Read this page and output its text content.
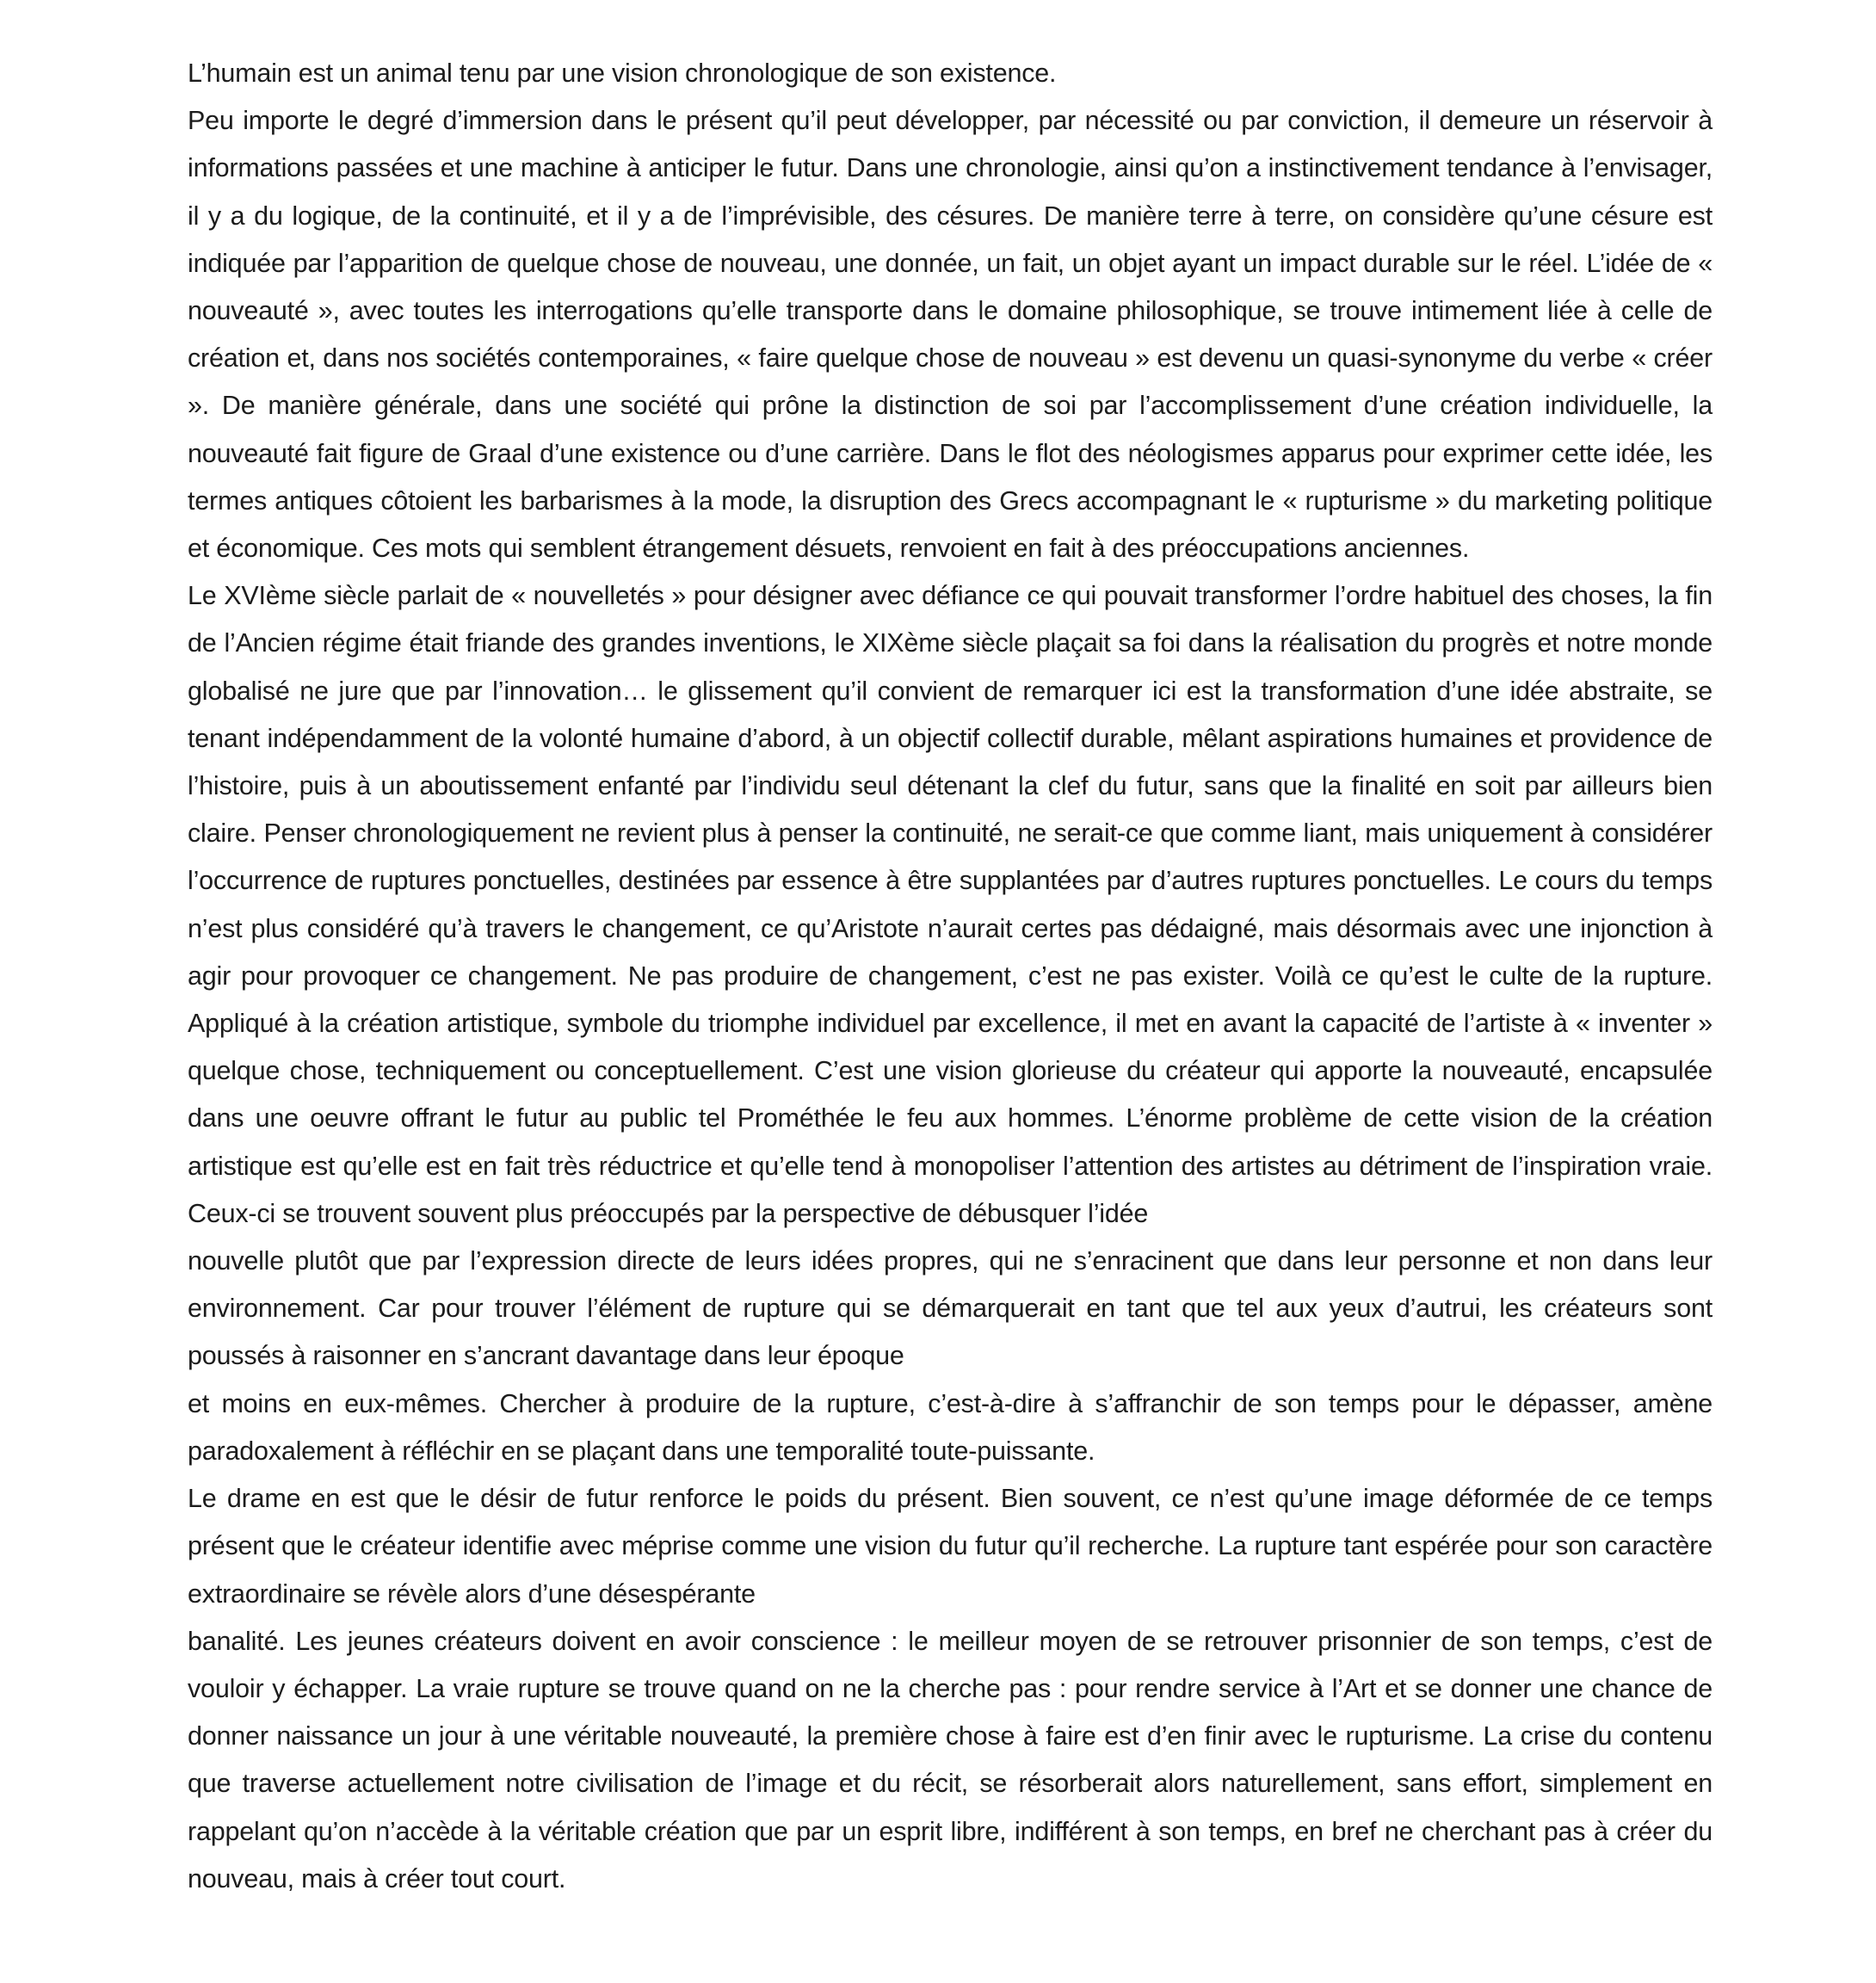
L’humain est un animal tenu par une vision chronologique de son existence.

Peu importe le degré d’immersion dans le présent qu’il peut développer, par nécessité ou par conviction, il demeure un réservoir à informations passées et une machine à anticiper le futur. Dans une chronologie, ainsi qu’on a instinctivement tendance à l’envisager, il y a du logique, de la continuité, et il y a de l’imprévisible, des césures. De manière terre à terre, on considère qu’une césure est indiquée par l’apparition de quelque chose de nouveau, une donnée, un fait, un objet ayant un impact durable sur le réel. L’idée de « nouveauté », avec toutes les interrogations qu’elle transporte dans le domaine philosophique, se trouve intimement liée à celle de création et, dans nos sociétés contemporaines, « faire quelque chose de nouveau » est devenu un quasi-synonyme du verbe « créer ». De manière générale, dans une société qui prône la distinction de soi par l’accomplissement d’une création individuelle, la nouveauté fait figure de Graal d’une existence ou d’une carrière. Dans le flot des néologismes apparus pour exprimer cette idée, les termes antiques côtoient les barbarismes à la mode, la disruption des Grecs accompagnant le « rupturisme » du marketing politique et économique. Ces mots qui semblent étrangement désuets, renvoient en fait à des préoccupations anciennes.

Le XVIème siècle parlait de « nouvelletés » pour désigner avec défiance ce qui pouvait transformer l’ordre habituel des choses, la fin de l’Ancien régime était friande des grandes inventions, le XIXème siècle plaçait sa foi dans la réalisation du progrès et notre monde globalisé ne jure que par l’innovation… le glissement qu’il convient de remarquer ici est la transformation d’une idée abstraite, se tenant indépendamment de la volonté humaine d’abord, à un objectif collectif durable, mêlant aspirations humaines et providence de l’histoire, puis à un aboutissement enfanté par l’individu seul détenant la clef du futur, sans que la finalité en soit par ailleurs bien claire. Penser chronologiquement ne revient plus à penser la continuité, ne serait-ce que comme liant, mais uniquement à considérer l’occurrence de ruptures ponctuelles, destinées par essence à être supplantées par d’autres ruptures ponctuelles. Le cours du temps n’est plus considéré qu’à travers le changement, ce qu’Aristote n’aurait certes pas dédaigné, mais désormais avec une injonction à agir pour provoquer ce changement. Ne pas produire de changement, c’est ne pas exister. Voilà ce qu’est le culte de la rupture. Appliqué à la création artistique, symbole du triomphe individuel par excellence, il met en avant la capacité de l’artiste à « inventer » quelque chose, techniquement ou conceptuellement. C’est une vision glorieuse du créateur qui apporte la nouveauté, encapsulée dans une oeuvre offrant le futur au public tel Prométhée le feu aux hommes. L’énorme problème de cette vision de la création artistique est qu’elle est en fait très réductrice et qu’elle tend à monopoliser l’attention des artistes au détriment de l’inspiration vraie. Ceux-ci se trouvent souvent plus préoccupés par la perspective de débusquer l’idée

nouvelle plutôt que par l’expression directe de leurs idées propres, qui ne s’enracinent que dans leur personne et non dans leur environnement. Car pour trouver l’élément de rupture qui se démarquerait en tant que tel aux yeux d’autrui, les créateurs sont poussés à raisonner en s’ancrant davantage dans leur époque

et moins en eux-mêmes. Chercher à produire de la rupture, c’est-à-dire à s’affranchir de son temps pour le dépasser, amène paradoxalement à réfléchir en se plaçant dans une temporalité toute-puissante.

Le drame en est que le désir de futur renforce le poids du présent. Bien souvent, ce n’est qu’une image déformée de ce temps présent que le créateur identifie avec méprise comme une vision du futur qu’il recherche. La rupture tant espérée pour son caractère extraordinaire se révèle alors d’une désespérante

banalité. Les jeunes créateurs doivent en avoir conscience : le meilleur moyen de se retrouver prisonnier de son temps, c’est de vouloir y échapper. La vraie rupture se trouve quand on ne la cherche pas : pour rendre service à l’Art et se donner une chance de donner naissance un jour à une véritable nouveauté, la première chose à faire est d’en finir avec le rupturisme. La crise du contenu que traverse actuellement notre civilisation de l’image et du récit, se résorberait alors naturellement, sans effort, simplement en rappelant qu’on n’accède à la véritable création que par un esprit libre, indifférent à son temps, en bref ne cherchant pas à créer du nouveau, mais à créer tout court.
